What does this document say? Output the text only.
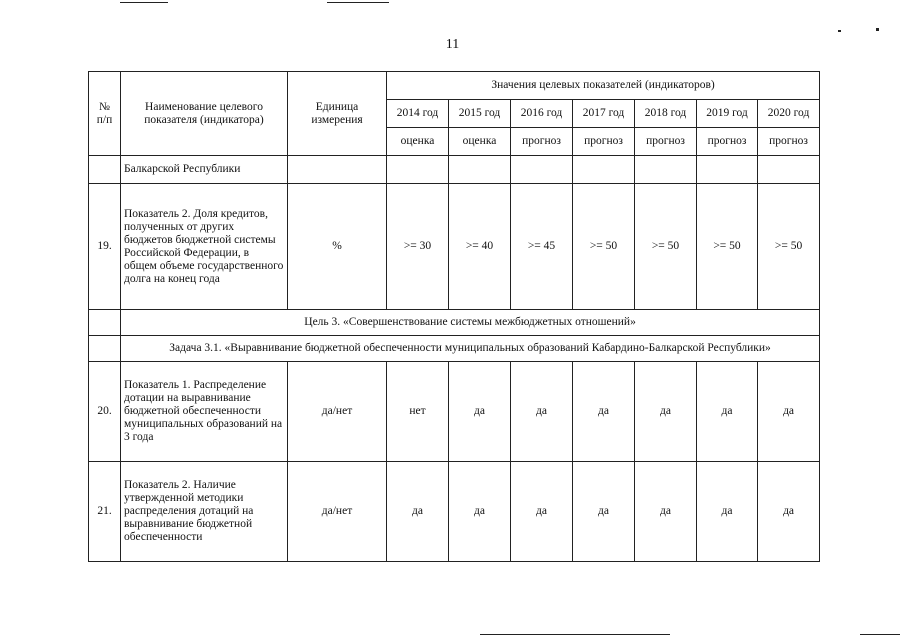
11
№
п/п	Наименование целевого показателя (индикатора)	Единица измерения	Значения целевых показателей (индикаторов)						
			2014 год	2015 год	2016 год	2017 год	2018 год	2019 год	2020 год
			оценка	оценка	прогноз	прогноз	прогноз	прогноз	прогноз
	Балкарской Республики								
19.	Показатель 2. Доля кредитов, полученных от других бюджетов бюджетной системы Российской Федерации, в общем объеме государственного долга на конец года	%	>= 30	>= 40	>= 45	>= 50	>= 50	>= 50	>= 50
	Цель 3. «Совершенствование системы межбюджетных отношений»								
	Задача 3.1. «Выравнивание бюджетной обеспеченности муниципальных образований Кабардино-Балкарской Республики»								
20.	Показатель 1. Распределение дотации на выравнивание бюджетной обеспеченности муниципальных образований на 3 года	да/нет	нет	да	да	да	да	да	да
21.	Показатель 2. Наличие утвержденной методики распределения дотаций на выравнивание бюджетной обеспеченности	да/нет	да	да	да	да	да	да	да
